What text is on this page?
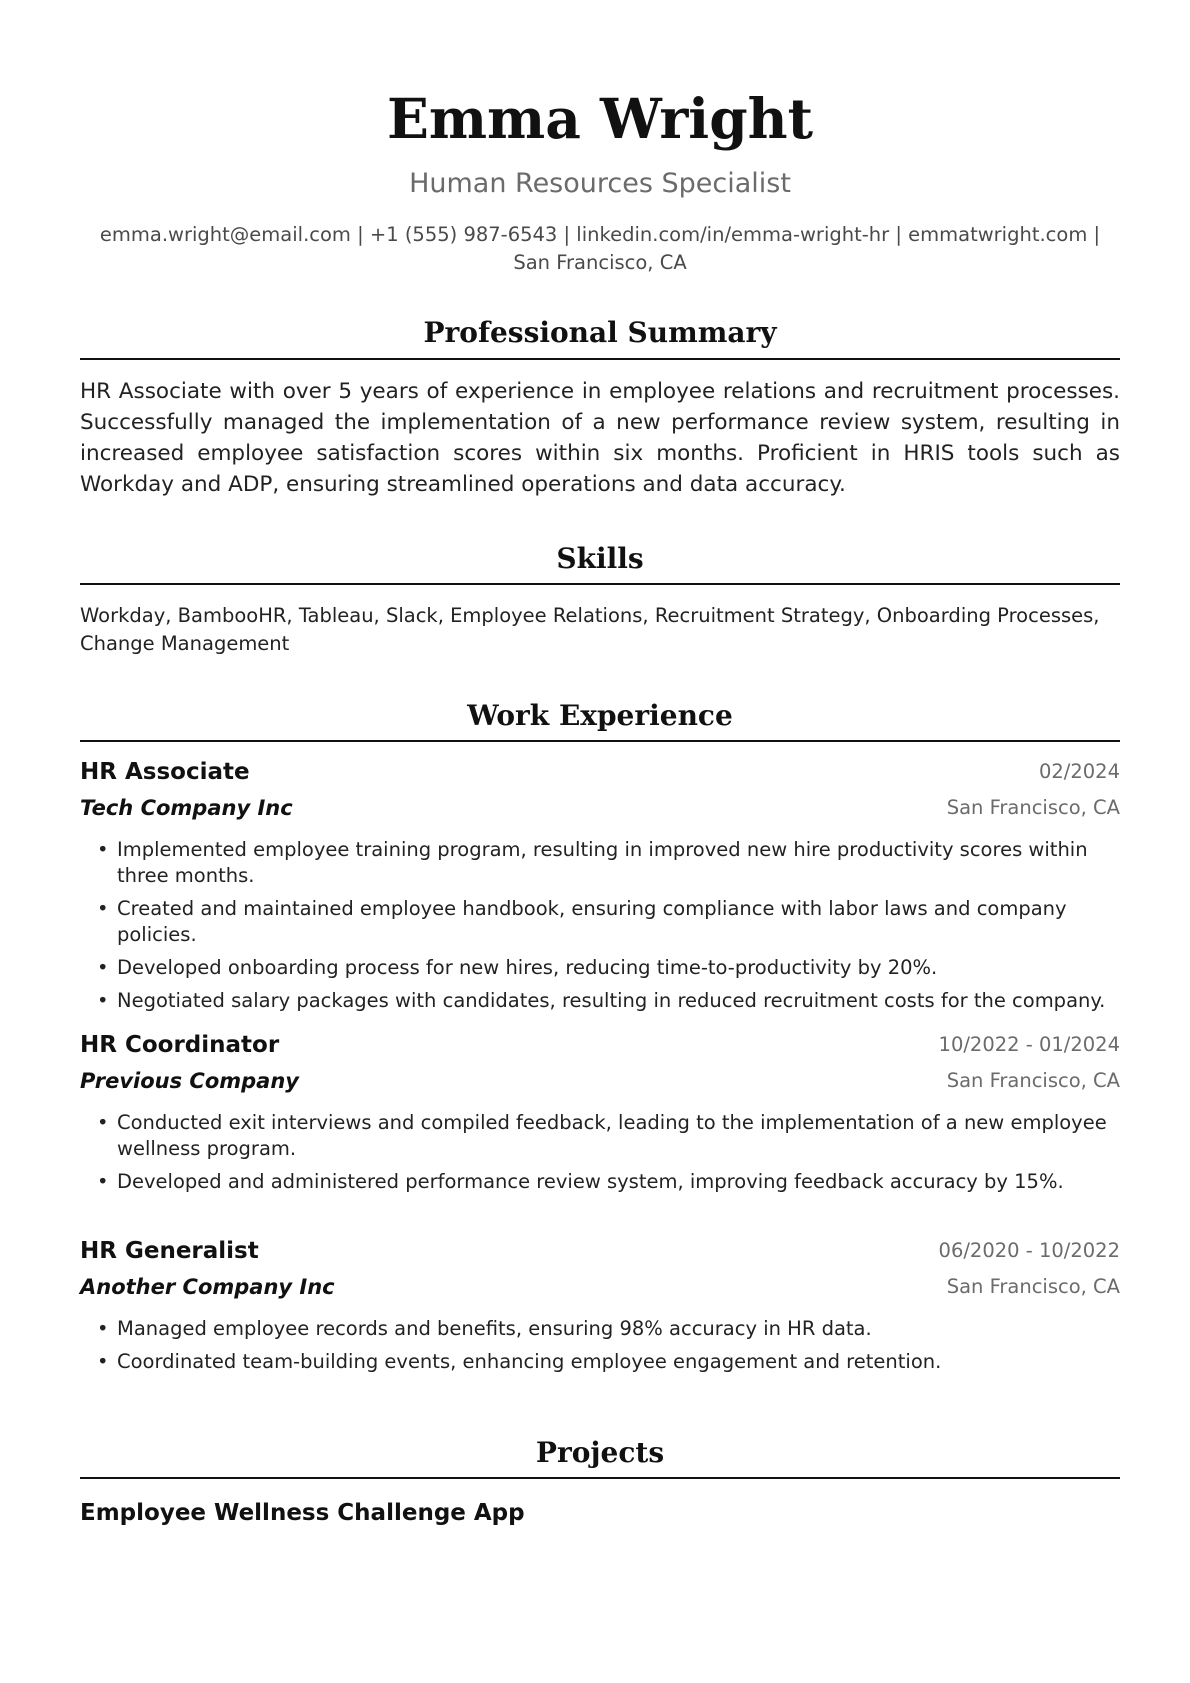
Emma Wright
Human Resources Specialist
emma.wright@email.com | +1 (555) 987-6543 | linkedin.com/in/emma-wright-hr | emmatwright.com | San Francisco, CA
Professional Summary
HR Associate with over 5 years of experience in employee relations and recruitment processes. Successfully managed the implementation of a new performance review system, resulting in increased employee satisfaction scores within six months. Proficient in HRIS tools such as Workday and ADP, ensuring streamlined operations and data accuracy.
Skills
Workday, BambooHR, Tableau, Slack, Employee Relations, Recruitment Strategy, Onboarding Processes, Change Management
Work Experience
HR Associate	02/2024
Tech Company Inc	San Francisco, CA
• Implemented employee training program, resulting in improved new hire productivity scores within three months.
• Created and maintained employee handbook, ensuring compliance with labor laws and company policies.
• Developed onboarding process for new hires, reducing time-to-productivity by 20%.
• Negotiated salary packages with candidates, resulting in reduced recruitment costs for the company.
HR Coordinator	10/2022 - 01/2024
Previous Company	San Francisco, CA
• Conducted exit interviews and compiled feedback, leading to the implementation of a new employee wellness program.
• Developed and administered performance review system, improving feedback accuracy by 15%.
HR Generalist	06/2020 - 10/2022
Another Company Inc	San Francisco, CA
• Managed employee records and benefits, ensuring 98% accuracy in HR data.
• Coordinated team-building events, enhancing employee engagement and retention.
Projects
Employee Wellness Challenge App
